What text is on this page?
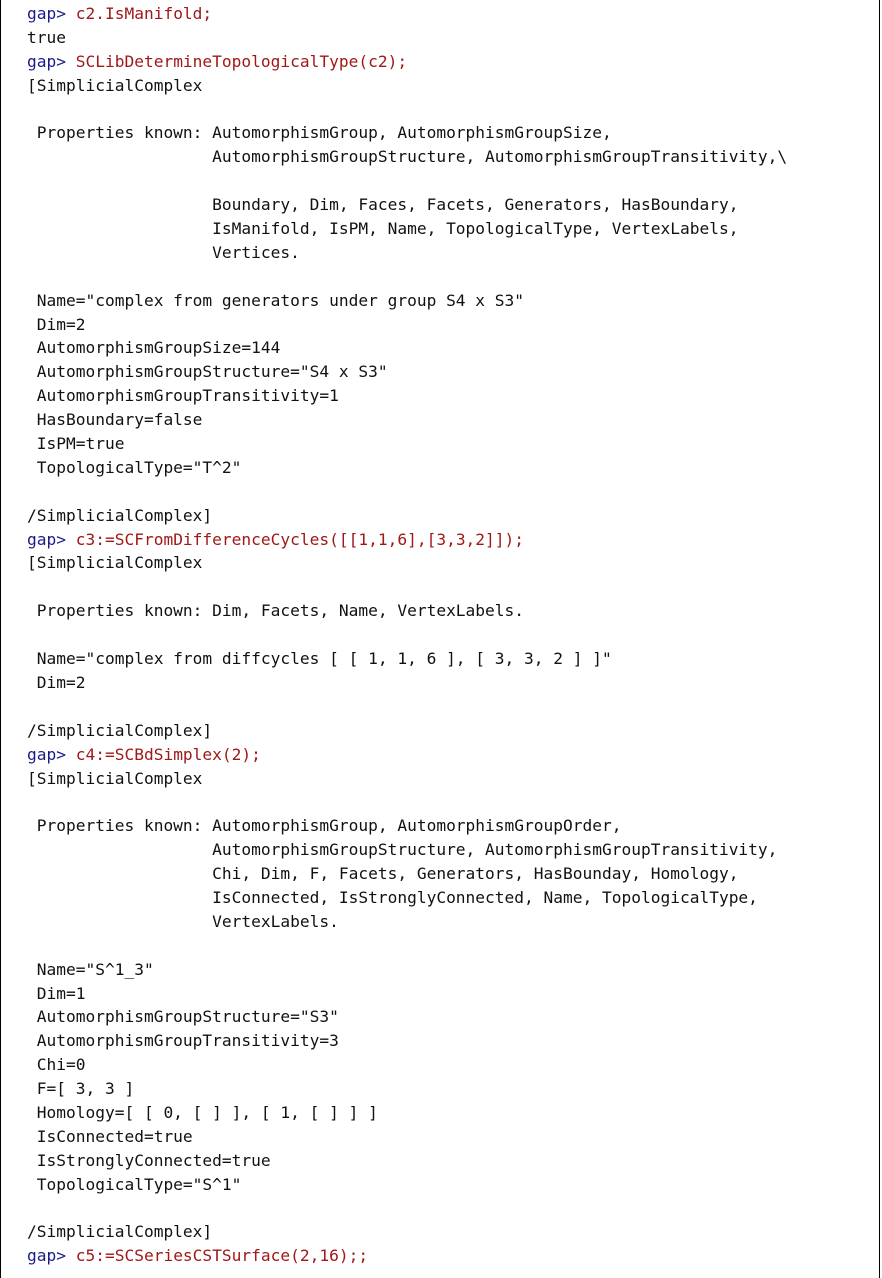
gap> c2.IsManifold;
true
gap> SCLibDetermineTopologicalType(c2);
[SimplicialComplex
Properties known: AutomorphismGroup, AutomorphismGroupSize,
AutomorphismGroupStructure, AutomorphismGroupTransitivity,\
Boundary, Dim, Faces, Facets, Generators, HasBoundary,
IsManifold, IsPM, Name, TopologicalType, VertexLabels,
Vertices.
Name="complex from generators under group S4 x S3"
Dim=2
AutomorphismGroupSize=144
AutomorphismGroupStructure="S4 x S3"
AutomorphismGroupTransitivity=1
HasBoundary=false
IsPM=true
TopologicalType="T^2"
/SimplicialComplex]
gap> c3:=SCFromDifferenceCycles([[1,1,6],[3,3,2]]);
[SimplicialComplex
Properties known: Dim, Facets, Name, VertexLabels.
Name="complex from diffcycles [ [ 1, 1, 6 ], [ 3, 3, 2 ] ]"
Dim=2
/SimplicialComplex]
gap> c4:=SCBdSimplex(2);
[SimplicialComplex
Properties known: AutomorphismGroup, AutomorphismGroupOrder,
AutomorphismGroupStructure, AutomorphismGroupTransitivity,
Chi, Dim, F, Facets, Generators, HasBounday, Homology,
IsConnected, IsStronglyConnected, Name, TopologicalType,
VertexLabels.
Name="S^1_3"
Dim=1
AutomorphismGroupStructure="S3"
AutomorphismGroupTransitivity=3
Chi=0
F=[ 3, 3 ]
Homology=[ [ 0, [ ] ], [ 1, [ ] ] ]
IsConnected=true
IsStronglyConnected=true
TopologicalType="S^1"
/SimplicialComplex]
gap> c5:=SCSeriesCSTSurface(2,16);;
